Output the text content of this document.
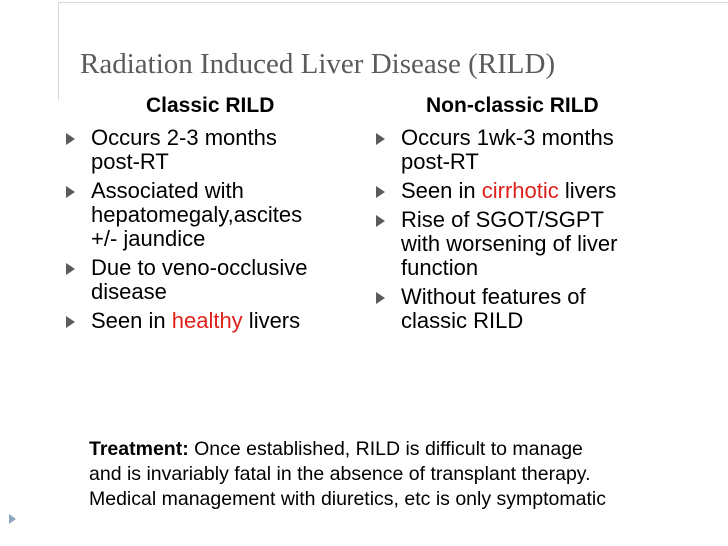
Radiation Induced Liver Disease (RILD)
Classic RILD	Non-classic RILD
Occurs 2-3 months
post-RT
Associated with
hepatomegaly,ascites
+/- jaundice
Due to veno-occlusive
disease
Seen in healthy livers
Occurs 1wk-3 months
post-RT
Seen in cirrhotic livers
Rise of SGOT/SGPT
with worsening of liver
function
Without features of
classic RILD

Treatment: Once established, RILD is difficult to manage

and is invariably fatal in the absence of transplant therapy.

Medical management with diuretics, etc is only symptomatic
